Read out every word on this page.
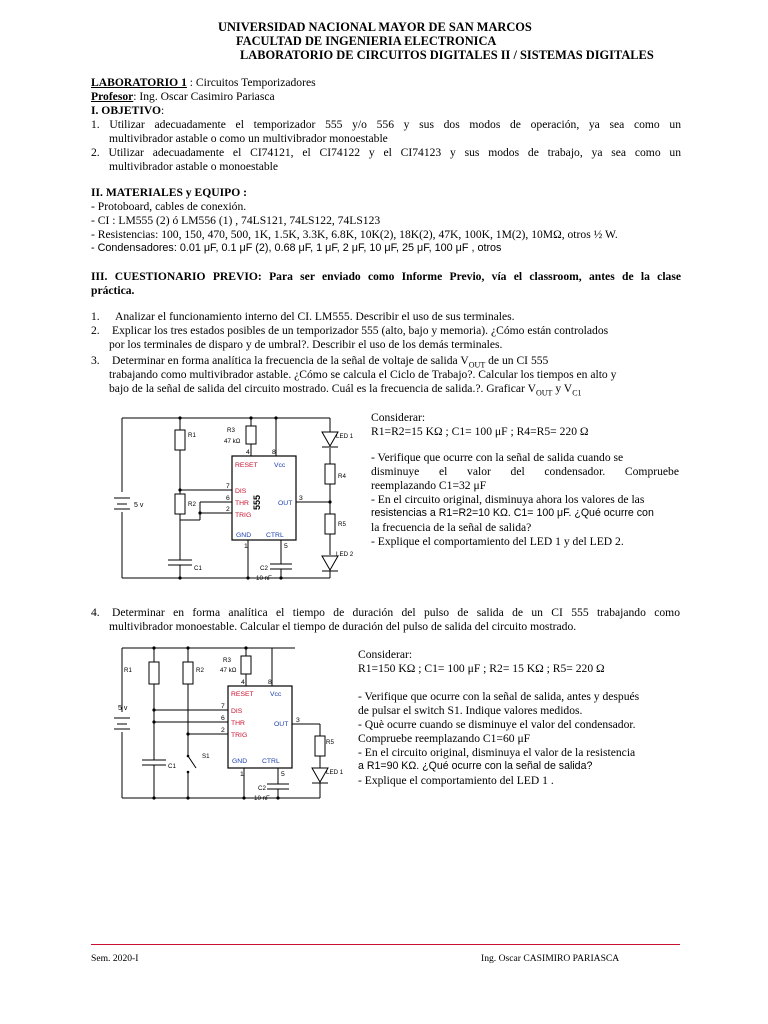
UNIVERSIDAD NACIONAL MAYOR DE SAN MARCOS
FACULTAD DE INGENIERIA ELECTRONICA
LABORATORIO DE CIRCUITOS DIGITALES II / SISTEMAS DIGITALES
LABORATORIO 1 : Circuitos Temporizadores
Profesor: Ing. Oscar Casimiro Pariasca
I. OBJETIVO:
1. Utilizar adecuadamente el temporizador 555 y/o 556 y sus dos modos de operación, ya sea como un
multivibrador astable o como un multivibrador monoestable
2. Utilizar adecuadamente el CI74121, el CI74122 y el CI74123 y sus modos de trabajo, ya sea como un
multivibrador astable o monoestable
II. MATERIALES y EQUIPO :
- Protoboard, cables de conexión.
- CI : LM555 (2) ó LM556 (1) , 74LS121, 74LS122, 74LS123
- Resistencias: 100, 150, 470, 500, 1K, 1.5K, 3.3K, 6.8K, 10K(2), 18K(2), 47K, 100K, 1M(2), 10MΩ, otros ½ W.
- Condensadores: 0.01 μF, 0.1 μF (2), 0.68 μF, 1 μF, 2 μF, 10 μF, 25 μF, 100 μF , otros
III. CUESTIONARIO PREVIO: Para ser enviado como Informe Previo, vía el classroom, antes de la clase
práctica.
1. Analizar el funcionamiento interno del CI. LM555. Describir el uso de sus terminales.
2. Explicar los tres estados posibles de un temporizador 555 (alto, bajo y memoria). ¿Cómo están controlados
por los terminales de disparo y de umbral?. Describir el uso de los demás terminales.
3. Determinar en forma analítica la frecuencia de la señal de voltaje de salida $V_{OUT}$ de un CI 555
trabajando como multivibrador astable. ¿Cómo se calcula el Ciclo de Trabajo?. Calcular los tiempos en alto y
bajo de la señal de salida del circuito mostrado. Cuál es la frecuencia de salida.?. Graficar $V_{OUT}$ y $V_{C1}$
RESET Vcc
DIS
THR
TRIG
OUT
GND CTRL
555
4	8
7
6
2
3
1	5
R1
R2
R3
47 kΩ
R4
R5
C1	C2
10 nF
LED 1
LED 2
5 v
Considerar:
R1=R2=15 KΩ ; C1= 100 μF ; R4=R5= 220 Ω
- Verifique que ocurre con la señal de salida cuando se
disminuye el valor del condensador. Compruebe
reemplazando C1=32 μF
- En el circuito original, disminuya ahora los valores de las
resistencias a R1=R2=10 KΩ. C1= 100 μF. ¿Qué ocurre con
la frecuencia de la señal de salida?
- Explique el comportamiento del LED 1 y del LED 2.
4. Determinar en forma analítica el tiempo de duración del pulso de salida de un CI 555 trabajando como
multivibrador monoestable. Calcular el tiempo de duración del pulso de salida del circuito mostrado.
RESET Vcc
DIS
THR
TRIG
OUT
GND CTRL
4	8
7
6
2
3
1	5
R1	R2
R3
47 kΩ
R5
C1
S1
C2
10 nF
LED 1
5 v
Considerar:
R1=150 KΩ ; C1= 100 μF ; R2= 15 KΩ ; R5= 220 Ω
- Verifique que ocurre con la señal de salida, antes y después
de pulsar el switch S1. Indique valores medidos.
- Què ocurre cuando se disminuye el valor del condensador.
Compruebe reemplazando C1=60 μF
- En el circuito original, disminuya el valor de la resistencia
a R1=90 KΩ. ¿Qué ocurre con la señal de salida?
- Explique el comportamiento del LED 1 .
Sem. 2020-I	Ing. Oscar CASIMIRO PARIASCA
